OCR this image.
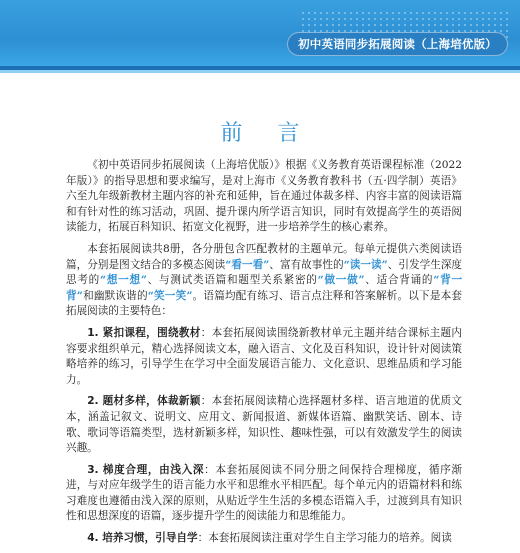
初中英语同步拓展阅读（上海培优版）
前 言

《初中英语同步拓展阅读（上海培优版）》根据《义务教育英语课程标准（2022年版）》的指导思想和要求编写，是对上海市《义务教育教科书（五·四学制）英语》六至九年级新教材主题内容的补充和延伸，旨在通过体裁多样、内容丰富的阅读语篇和有针对性的练习活动，巩固、提升课内所学语言知识，同时有效提高学生的英语阅读能力，拓展百科知识、拓宽文化视野，进一步培养学生的核心素养。

本套拓展阅读共8册，各分册包含匹配教材的主题单元。每单元提供六类阅读语篇，分别是图文结合的多模态阅读“看一看”、富有故事性的“读一读”、引发学生深度思考的“想一想”、与测试类语篇和题型关系紧密的“做一做”、适合背诵的“背一背”和幽默诙谐的“笑一笑”。语篇均配有练习、语言点注释和答案解析。以下是本套拓展阅读的主要特色：

1. 紧扣课程，围绕教材：本套拓展阅读围绕新教材单元主题并结合课标主题内容要求组织单元，精心选择阅读文本，融入语言、文化及百科知识，设计针对阅读策略培养的练习，引导学生在学习中全面发展语言能力、文化意识、思维品质和学习能力。

2. 题材多样，体裁新颖：本套拓展阅读精心选择题材多样、语言地道的优质文本，涵盖记叙文、说明文、应用文、新闻报道、新媒体语篇、幽默笑话、剧本、诗歌、歌词等语篇类型，选材新颖多样，知识性、趣味性强，可以有效激发学生的阅读兴趣。

3. 梯度合理，由浅入深：本套拓展阅读不同分册之间保持合理梯度，循序渐进，与对应年级学生的语言能力水平和思维水平相匹配。每个单元内的语篇材料和练习难度也遵循由浅入深的原则，从贴近学生生活的多模态语篇入手，过渡到具有知识性和思想深度的语篇，逐步提升学生的阅读能力和思维能力。

4. 培养习惯，引导自学：本套拓展阅读注重对学生自主学习能力的培养。阅读
